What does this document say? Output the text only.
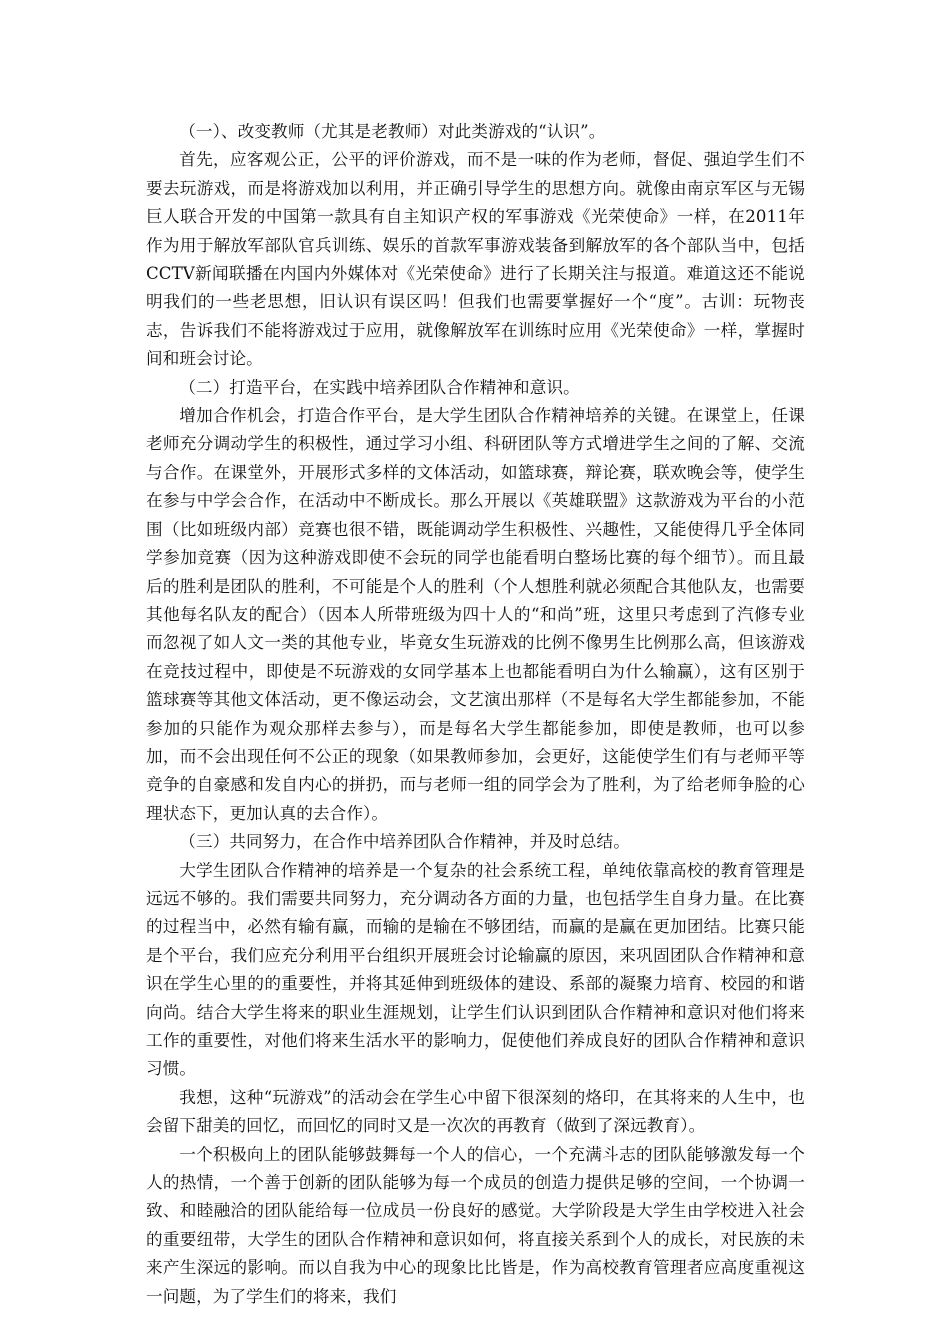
（一）、改变教师（尤其是老教师）对此类游戏的“认识”。

首先，应客观公正，公平的评价游戏，而不是一味的作为老师，督促、强迫学生们不要去玩游戏，而是将游戏加以利用，并正确引导学生的思想方向。就像由南京军区与无锡巨人联合开发的中国第一款具有自主知识产权的军事游戏《光荣使命》一样，在2011年作为用于解放军部队官兵训练、娱乐的首款军事游戏装备到解放军的各个部队当中，包括CCTV新闻联播在内国内外媒体对《光荣使命》进行了长期关注与报道。难道这还不能说明我们的一些老思想，旧认识有误区吗！但我们也需要掌握好一个“度”。古训：玩物丧志，告诉我们不能将游戏过于应用，就像解放军在训练时应用《光荣使命》一样，掌握时间和班会讨论。

（二）打造平台，在实践中培养团队合作精神和意识。

增加合作机会，打造合作平台，是大学生团队合作精神培养的关键。在课堂上，任课老师充分调动学生的积极性，通过学习小组、科研团队等方式增进学生之间的了解、交流与合作。在课堂外，开展形式多样的文体活动，如篮球赛，辩论赛，联欢晚会等，使学生在参与中学会合作，在活动中不断成长。那么开展以《英雄联盟》这款游戏为平台的小范围（比如班级内部）竞赛也很不错，既能调动学生积极性、兴趣性，又能使得几乎全体同学参加竞赛（因为这种游戏即使不会玩的同学也能看明白整场比赛的每个细节）。而且最后的胜利是团队的胜利，不可能是个人的胜利（个人想胜利就必须配合其他队友，也需要其他每名队友的配合）（因本人所带班级为四十人的“和尚”班，这里只考虑到了汽修专业而忽视了如人文一类的其他专业，毕竟女生玩游戏的比例不像男生比例那么高，但该游戏在竞技过程中，即使是不玩游戏的女同学基本上也都能看明白为什么输赢），这有区别于篮球赛等其他文体活动，更不像运动会，文艺演出那样（不是每名大学生都能参加，不能参加的只能作为观众那样去参与），而是每名大学生都能参加，即使是教师，也可以参加，而不会出现任何不公正的现象（如果教师参加，会更好，这能使学生们有与老师平等竞争的自豪感和发自内心的拼扔，而与老师一组的同学会为了胜利，为了给老师争脸的心理状态下，更加认真的去合作）。

（三）共同努力，在合作中培养团队合作精神，并及时总结。

大学生团队合作精神的培养是一个复杂的社会系统工程，单纯依靠高校的教育管理是远远不够的。我们需要共同努力，充分调动各方面的力量，也包括学生自身力量。在比赛的过程当中，必然有输有赢，而输的是输在不够团结，而赢的是赢在更加团结。比赛只能是个平台，我们应充分利用平台组织开展班会讨论输赢的原因，来巩固团队合作精神和意识在学生心里的的重要性，并将其延伸到班级体的建设、系部的凝聚力培育、校园的和谐向尚。结合大学生将来的职业生涯规划，让学生们认识到团队合作精神和意识对他们将来工作的重要性，对他们将来生活水平的影响力，促使他们养成良好的团队合作精神和意识习惯。

我想，这种“玩游戏”的活动会在学生心中留下很深刻的烙印，在其将来的人生中，也会留下甜美的回忆，而回忆的同时又是一次次的再教育（做到了深远教育）。

一个积极向上的团队能够鼓舞每一个人的信心，一个充满斗志的团队能够激发每一个人的热情，一个善于创新的团队能够为每一个成员的创造力提供足够的空间，一个协调一致、和睦融洽的团队能给每一位成员一份良好的感觉。大学阶段是大学生由学校进入社会的重要纽带，大学生的团队合作精神和意识如何，将直接关系到个人的成长，对民族的未来产生深远的影响。而以自我为中心的现象比比皆是，作为高校教育管理者应高度重视这一问题，为了学生们的将来，我们
